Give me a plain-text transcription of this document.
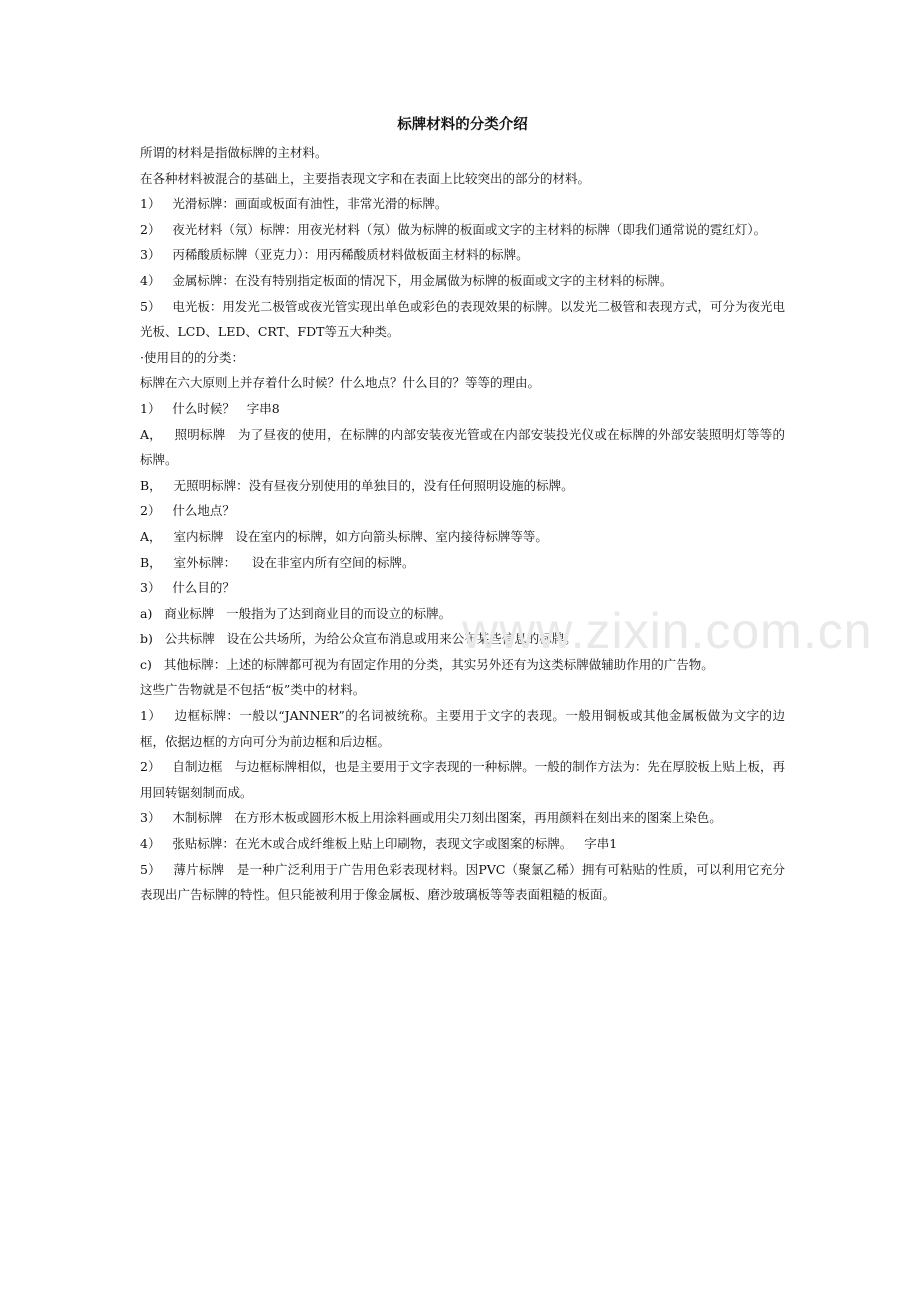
标牌材料的分类介绍

所谓的材料是指做标牌的主材料。

在各种材料被混合的基础上，主要指表现文字和在表面上比较突出的部分的材料。

1）   光滑标牌：画面或板面有油性，非常光滑的标牌。

2）   夜光材料（氖）标牌：用夜光材料（氖）做为标牌的板面或文字的主材料的标牌（即我们通常说的霓红灯）。

3）   丙稀酸质标牌（亚克力）：用丙稀酸质材料做板面主材料的标牌。

4）   金属标牌：在没有特别指定板面的情况下，用金属做为标牌的板面或文字的主材料的标牌。

5）   电光板：用发光二极管或夜光管实现出单色或彩色的表现效果的标牌。以发光二极管和表现方式，可分为夜光电光板、LCD、LED、CRT、FDT等五大种类。

·使用目的的分类：

标牌在六大原则上并存着什么时候？什么地点？什么目的？等等的理由。

1）   什么时候？   字串8

A，   照明标牌   为了昼夜的使用，在标牌的内部安装夜光管或在内部安装投光仪或在标牌的外部安装照明灯等等的标牌。

B，   无照明标牌：没有昼夜分别使用的单独目的，没有任何照明设施的标牌。

2）   什么地点？

A，   室内标牌   设在室内的标牌，如方向箭头标牌、室内接待标牌等等。

B，   室外标牌：    设在非室内所有空间的标牌。

3）   什么目的？

a)   商业标牌   一般指为了达到商业目的而设立的标牌。

b)   公共标牌   设在公共场所，为给公众宣布消息或用来公布某些信息的标牌。

c)   其他标牌：上述的标牌都可视为有固定作用的分类，其实另外还有为这类标牌做辅助作用的广告物。

这些广告物就是不包括“板”类中的材料。

1）   边框标牌：一般以“JANNER”的名词被统称。主要用于文字的表现。一般用铜板或其他金属板做为文字的边框，依据边框的方向可分为前边框和后边框。

2）   自制边框   与边框标牌相似，也是主要用于文字表现的一种标牌。一般的制作方法为：先在厚胶板上贴上板，再用回转锯刻制而成。

3）   木制标牌   在方形木板或圆形木板上用涂料画或用尖刀刻出图案，再用颜料在刻出来的图案上染色。

4）   张贴标牌：在光木或合成纤维板上贴上印刷物，表现文字或图案的标牌。   字串1

5）   薄片标牌   是一种广泛利用于广告用色彩表现材料。因PVC（聚氯乙稀）拥有可粘贴的性质，可以利用它充分表现出广告标牌的特性。但只能被利用于像金属板、磨沙玻璃板等等表面粗糙的板面。

www.zixin.com.cn
